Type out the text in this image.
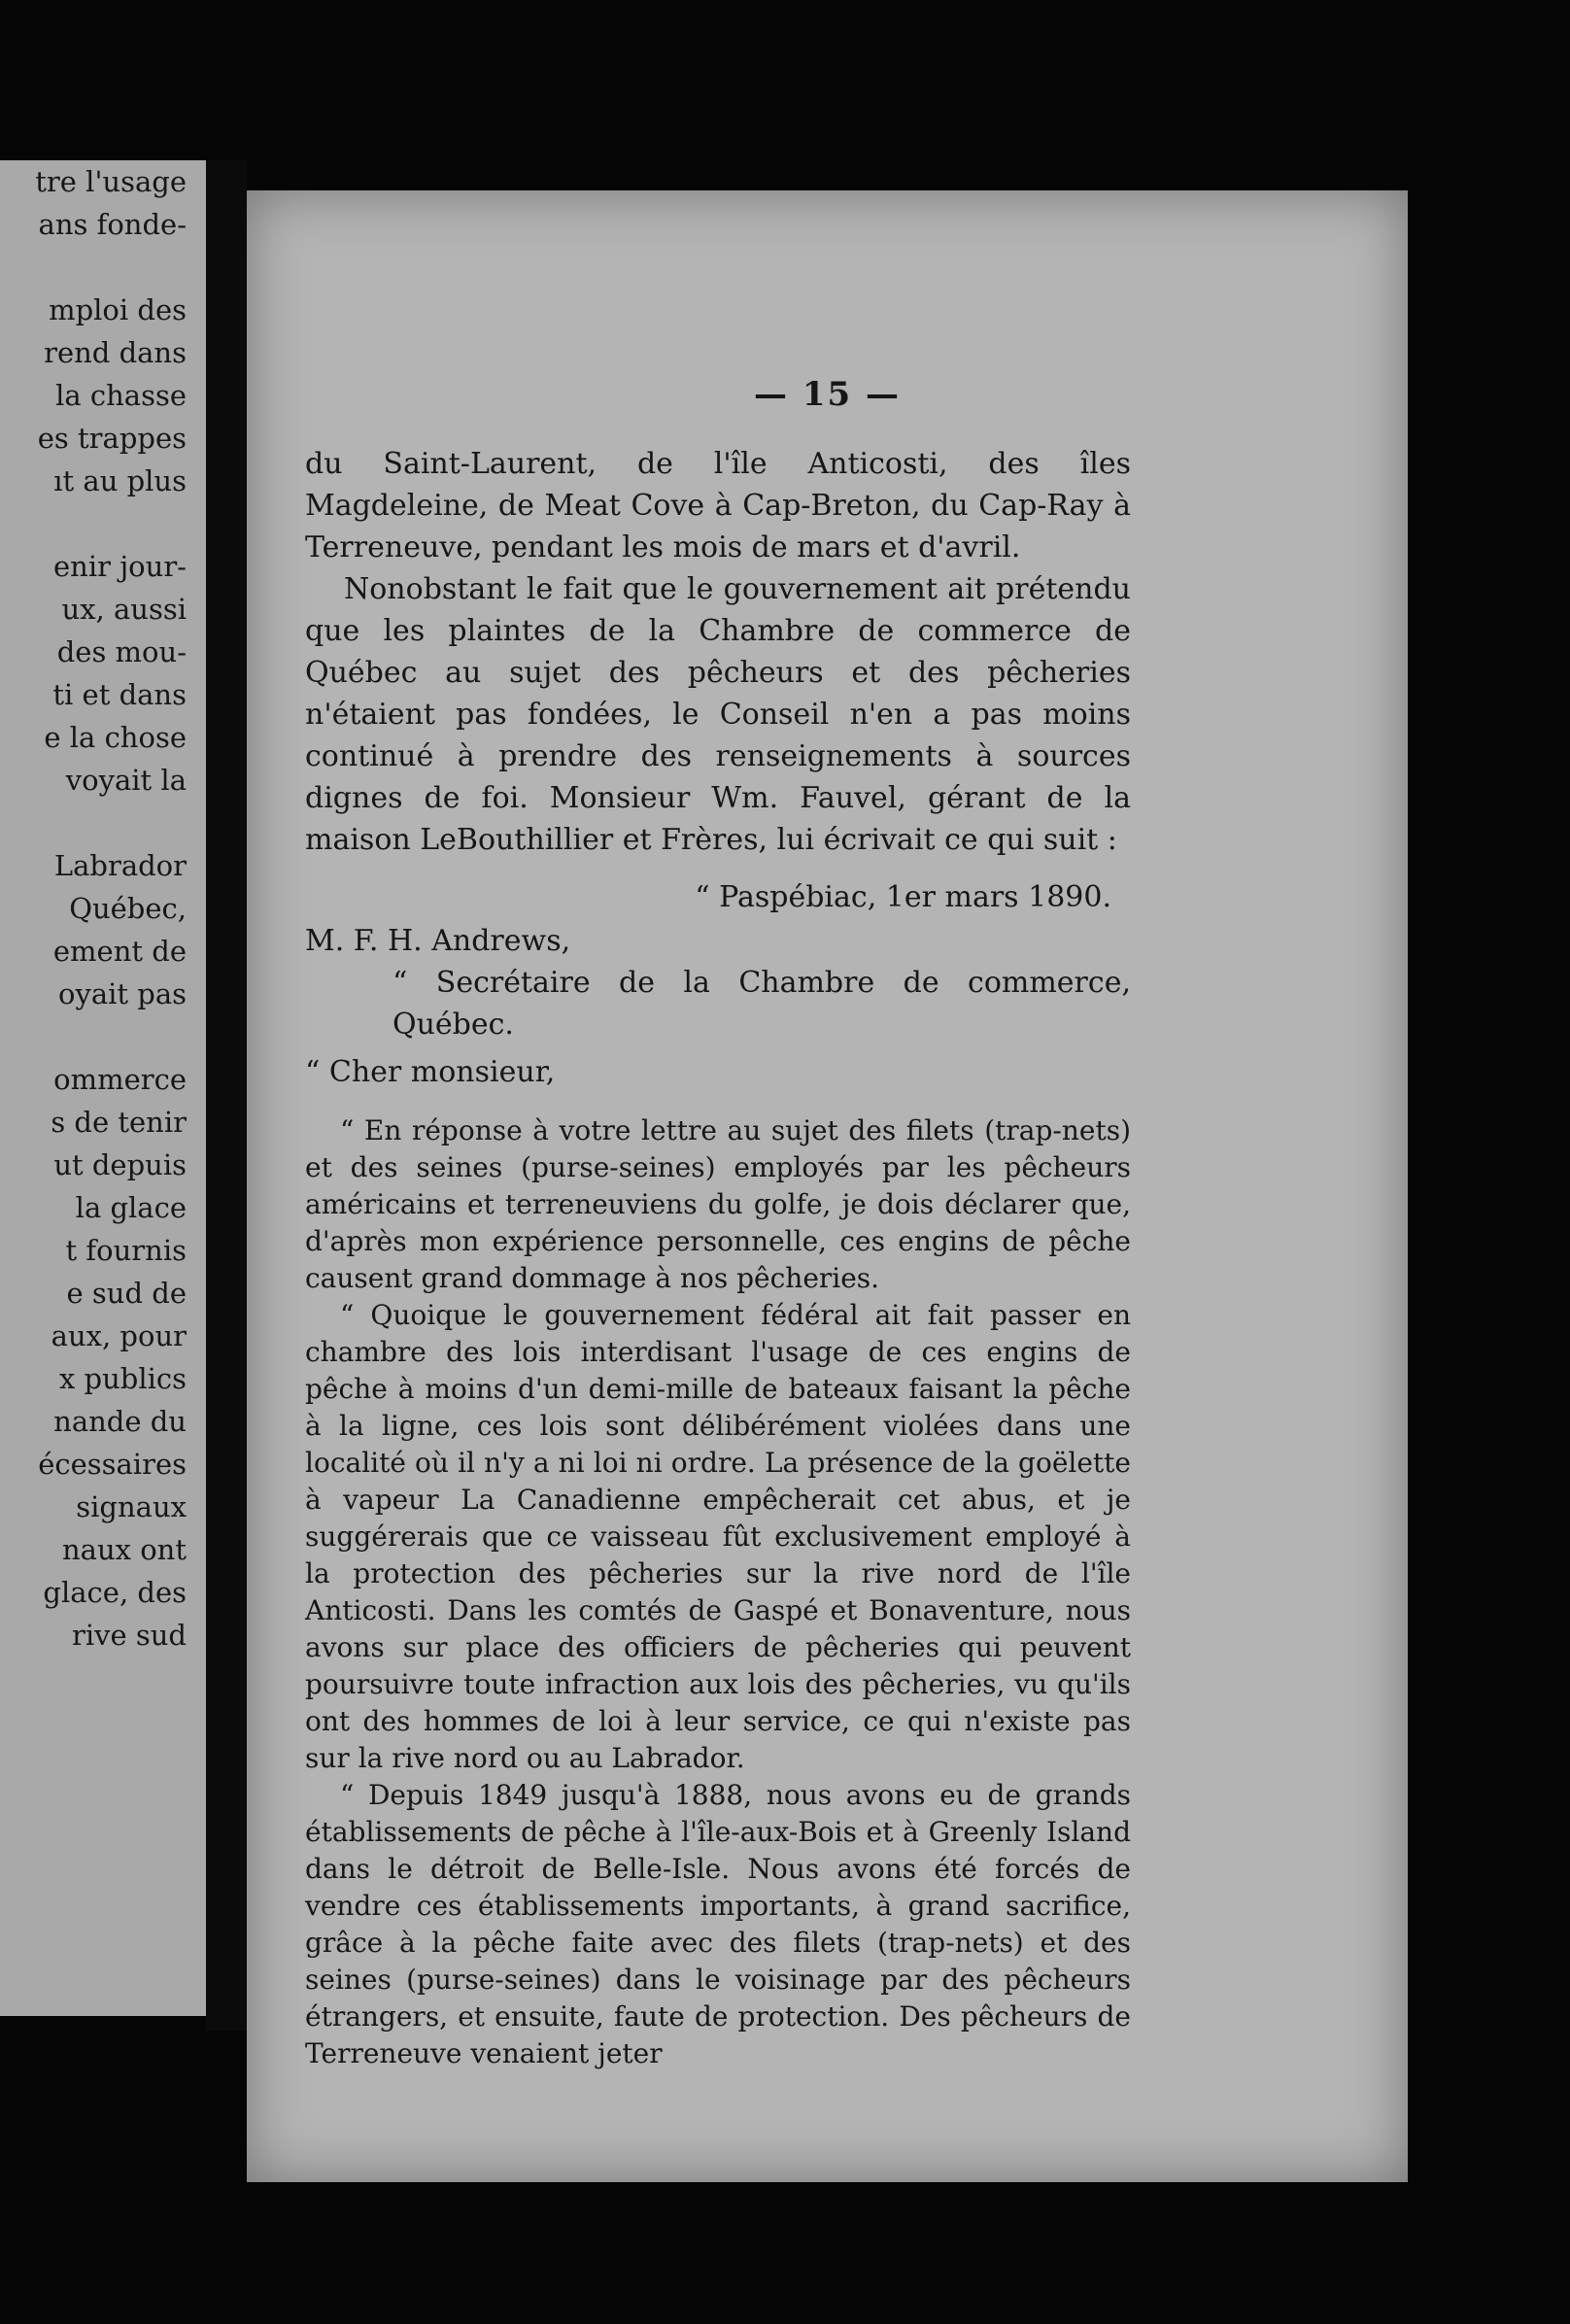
tre l'usage
ans fonde-
mploi des
rend dans
la chasse
es trappes
ıt au plus
enir jour-
ux, aussi
des mou-
ti et dans
e la chose
voyait la
Labrador
Québec,
ement de
oyait pas
ommerce
s de tenir
ut depuis
la glace
t fournis
e sud de
aux, pour
x publics
nande du
écessaires
signaux
naux ont
glace, des
rive sud
— 15 —

du Saint-Laurent, de l'île Anticosti, des îles Magdeleine, de Meat Cove à Cap-Breton, du Cap-Ray à Terreneuve, pendant les mois de mars et d'avril.

Nonobstant le fait que le gouvernement ait prétendu que les plaintes de la Chambre de commerce de Québec au sujet des pêcheurs et des pêcheries n'étaient pas fondées, le Conseil n'en a pas moins continué à prendre des renseignements à sources dignes de foi. Monsieur Wm. Fauvel, gérant de la maison LeBouthillier et Frères, lui écrivait ce qui suit :

“ Paspébiac, 1er mars 1890.

M. F. H. Andrews,

“ Secrétaire de la Chambre de commerce, Québec.

“ Cher monsieur,

“ En réponse à votre lettre au sujet des filets (trap-nets) et des seines (purse-seines) employés par les pêcheurs américains et terreneuviens du golfe, je dois déclarer que, d'après mon expérience personnelle, ces engins de pêche causent grand dommage à nos pêcheries.

“ Quoique le gouvernement fédéral ait fait passer en chambre des lois interdisant l'usage de ces engins de pêche à moins d'un demi-mille de bateaux faisant la pêche à la ligne, ces lois sont délibérément violées dans une localité où il n'y a ni loi ni ordre. La présence de la goëlette à vapeur La Canadienne empêcherait cet abus, et je suggérerais que ce vaisseau fût exclusivement employé à la protection des pêcheries sur la rive nord de l'île Anticosti. Dans les comtés de Gaspé et Bonaventure, nous avons sur place des officiers de pêcheries qui peuvent poursuivre toute infraction aux lois des pêcheries, vu qu'ils ont des hommes de loi à leur service, ce qui n'existe pas sur la rive nord ou au Labrador.

“ Depuis 1849 jusqu'à 1888, nous avons eu de grands établissements de pêche à l'île-aux-Bois et à Greenly Island dans le détroit de Belle-Isle. Nous avons été forcés de vendre ces établissements importants, à grand sacrifice, grâce à la pêche faite avec des filets (trap-nets) et des seines (purse-seines) dans le voisinage par des pêcheurs étrangers, et ensuite, faute de protection. Des pêcheurs de Terreneuve venaient jeter
